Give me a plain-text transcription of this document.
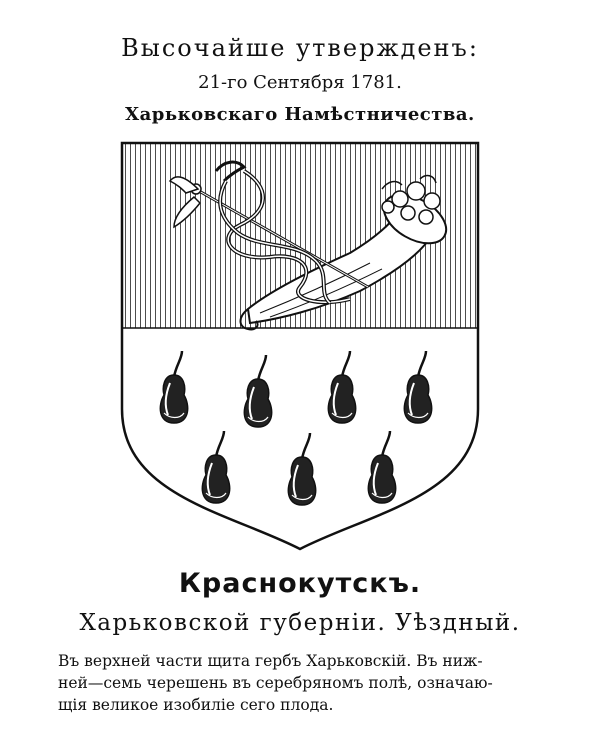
Высочайше утвержденъ:
21-го Сентября 1781.
Харьковскаго Намѣстничества.
Краснокутскъ.
Харьковской губерніи. Уѣздный.
Въ верхней части щита гербъ Харьковскій. Въ ниж-
ней—семь черешень въ серебряномъ полѣ, означаю-
щія великое изобиліе сего плода.
